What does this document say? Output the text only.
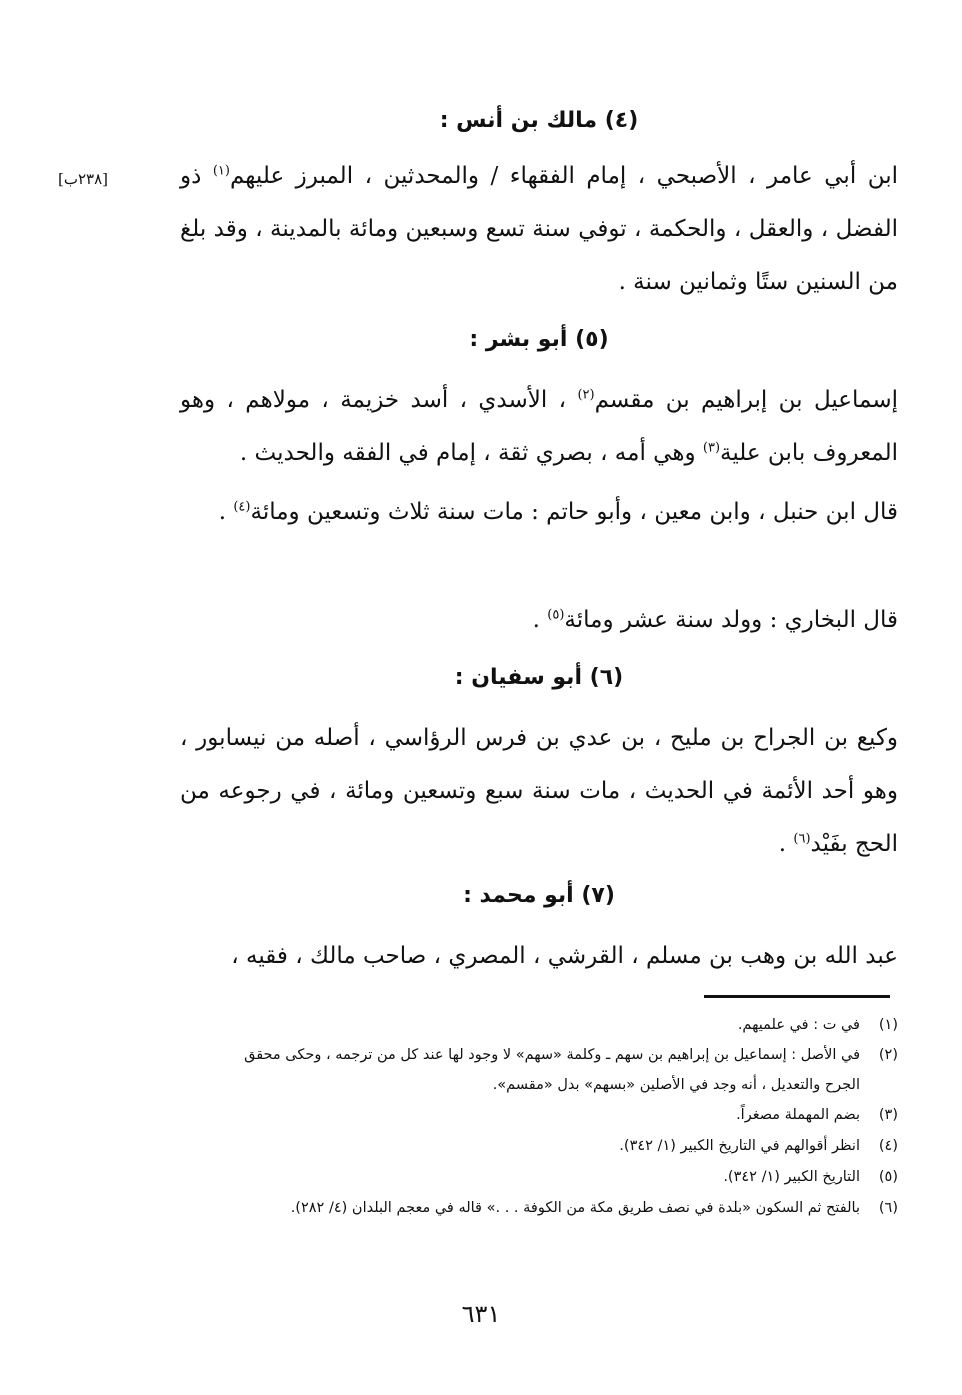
[٢٣٨ب]
(٤) مالك بن أنس :

ابن أبي عامر ، الأصبحي ، إمام الفقهاء / والمحدثين ، المبرز عليهم$^{(١)}$ ذو الفضل ، والعقل ، والحكمة ، توفي سنة تسع وسبعين ومائة بالمدينة ، وقد بلغ من السنين ستًا وثمانين سنة .

(٥) أبو بشر :

إسماعيل بن إبراهيم بن مقسم$^{(٢)}$ ، الأسدي ، أسد خزيمة ، مولاهم ، وهو المعروف بابن علية$^{(٣)}$ وهي أمه ، بصري ثقة ، إمام في الفقه والحديث .

قال ابن حنبل ، وابن معين ، وأبو حاتم : مات سنة ثلاث وتسعين ومائة$^{(٤)}$ .

قال البخاري : وولد سنة عشر ومائة$^{(٥)}$ .

(٦) أبو سفيان :

وكيع بن الجراح بن مليح ، بن عدي بن فرس الرؤاسي ، أصله من نيسابور ، وهو أحد الأئمة في الحديث ، مات سنة سبع وتسعين ومائة ، في رجوعه من الحج بفَيْد$^{(٦)}$ .

(٧) أبو محمد :

عبد الله بن وهب بن مسلم ، القرشي ، المصري ، صاحب مالك ، فقيه ،

(١)في ت : في علميهم.
(٢)في الأصل : إسماعيل بن إبراهيم بن سهم ـ وكلمة «سهم» لا وجود لها عند كل من ترجمه ، وحكى محقق
الجرح والتعديل ، أنه وجد في الأصلين «بسهم» بدل «مقسم».
(٣)بضم المهملة مصغراً.
(٤)انظر أقوالهم في التاريخ الكبير (١/ ٣٤٢).
(٥)التاريخ الكبير (١/ ٣٤٢).
(٦)بالفتح ثم السكون «بلدة في نصف طريق مكة من الكوفة . . .» قاله في معجم البلدان (٤/ ٢٨٢).
٦٣١
